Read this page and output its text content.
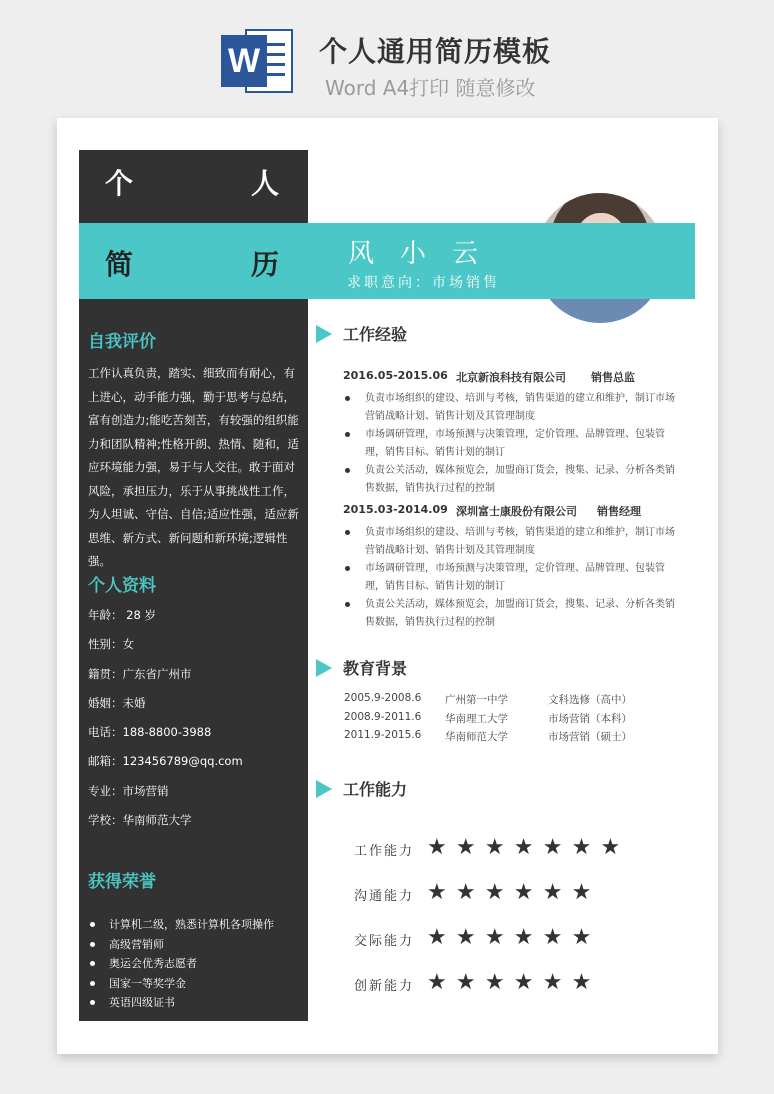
W 个人通用简历模板
Word A4打印 随意修改
个	人
自我评价
工作认真负责，踏实、细致而有耐心，有
上进心，动手能力强，勤于思考与总结，
富有创造力;能吃苦刻苦，有较强的组织能
力和团队精神;性格开朗、热情、随和，适
应环境能力强，易于与人交往。敢于面对
风险，承担压力，乐于从事挑战性工作，
为人坦诚、守信、自信;适应性强，适应新
思维、新方式、新问题和新环境;逻辑性强。
个人资料
年龄： 28 岁
性别：女
籍贯：广东省广州市
婚姻：未婚
电话：188-8800-3988
邮箱：123456789@qq.com
专业：市场营销
学校：华南师范大学
获得荣誉
计算机二级，熟悉计算机各项操作
高级营销师
奥运会优秀志愿者
国家一等奖学金
英语四级证书
简	历	风小云
求职意向：市场销售
工作经验
2016.05-2015.06 北京新浪科技有限公司 销售总监
负责市场组织的建设、培训与考核，销售渠道的建立和维护，制订市场营销战略计划、销售计划及其管理制度
市场调研管理，市场预测与决策管理，定价管理、品牌管理、包装管理，销售目标、销售计划的制订
负责公关活动，媒体预览会，加盟商订货会，搜集、记录、分析各类销售数据，销售执行过程的控制
2015.03-2014.09 深圳富士康股份有限公司 销售经理
负责市场组织的建设、培训与考核，销售渠道的建立和维护，制订市场营销战略计划、销售计划及其管理制度
市场调研管理，市场预测与决策管理，定价管理、品牌管理、包装管理，销售目标、销售计划的制订
负责公关活动，媒体预览会，加盟商订货会，搜集、记录、分析各类销售数据，销售执行过程的控制
教育背景
2005.9-2008.6 广州第一中学	文科选修（高中）
2008.9-2011.6 华南理工大学	市场营销（本科）
2011.9-2015.6 华南师范大学	市场营销（硕士）
工作能力
工作能力 ★★★★★★★
沟通能力 ★★★★★★
交际能力 ★★★★★★
创新能力 ★★★★★★
